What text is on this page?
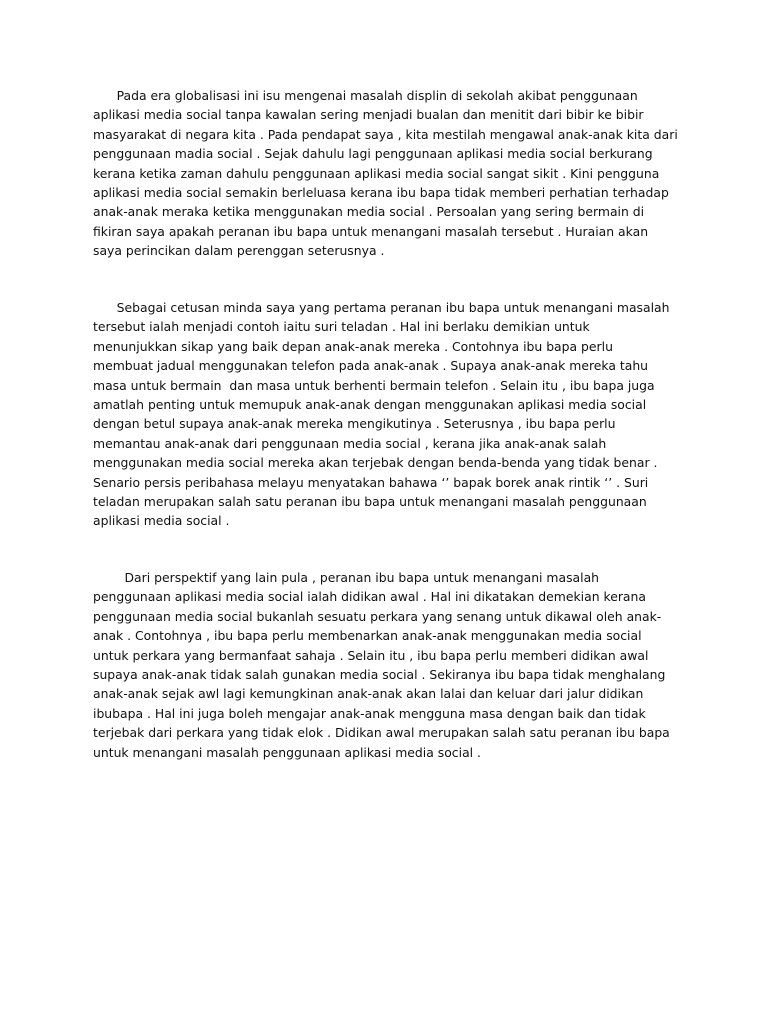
Pada era globalisasi ini isu mengenai masalah displin di sekolah akibat penggunaan
aplikasi media social tanpa kawalan sering menjadi bualan dan menitit dari bibir ke bibir
masyarakat di negara kita . Pada pendapat saya , kita mestilah mengawal anak-anak kita dari
penggunaan madia social . Sejak dahulu lagi penggunaan aplikasi media social berkurang
kerana ketika zaman dahulu penggunaan aplikasi media social sangat sikit . Kini pengguna
aplikasi media social semakin berleluasa kerana ibu bapa tidak memberi perhatian terhadap
anak-anak meraka ketika menggunakan media social . Persoalan yang sering bermain di
fikiran saya apakah peranan ibu bapa untuk menangani masalah tersebut . Huraian akan
saya perincikan dalam perenggan seterusnya .

Sebagai cetusan minda saya yang pertama peranan ibu bapa untuk menangani masalah
tersebut ialah menjadi contoh iaitu suri teladan . Hal ini berlaku demikian untuk
menunjukkan sikap yang baik depan anak-anak mereka . Contohnya ibu bapa perlu
membuat jadual menggunakan telefon pada anak-anak . Supaya anak-anak mereka tahu
masa untuk bermain  dan masa untuk berhenti bermain telefon . Selain itu , ibu bapa juga
amatlah penting untuk memupuk anak-anak dengan menggunakan aplikasi media social
dengan betul supaya anak-anak mereka mengikutinya . Seterusnya , ibu bapa perlu
memantau anak-anak dari penggunaan media social , kerana jika anak-anak salah
menggunakan media social mereka akan terjebak dengan benda-benda yang tidak benar .
Senario persis peribahasa melayu menyatakan bahawa ‘’ bapak borek anak rintik ‘’ . Suri
teladan merupakan salah satu peranan ibu bapa untuk menangani masalah penggunaan
aplikasi media social .

Dari perspektif yang lain pula , peranan ibu bapa untuk menangani masalah
penggunaan aplikasi media social ialah didikan awal . Hal ini dikatakan demekian kerana
penggunaan media social bukanlah sesuatu perkara yang senang untuk dikawal oleh anak-
anak . Contohnya , ibu bapa perlu membenarkan anak-anak menggunakan media social
untuk perkara yang bermanfaat sahaja . Selain itu , ibu bapa perlu memberi didikan awal
supaya anak-anak tidak salah gunakan media social . Sekiranya ibu bapa tidak menghalang
anak-anak sejak awl lagi kemungkinan anak-anak akan lalai dan keluar dari jalur didikan
ibubapa . Hal ini juga boleh mengajar anak-anak mengguna masa dengan baik dan tidak
terjebak dari perkara yang tidak elok . Didikan awal merupakan salah satu peranan ibu bapa
untuk menangani masalah penggunaan aplikasi media social .
